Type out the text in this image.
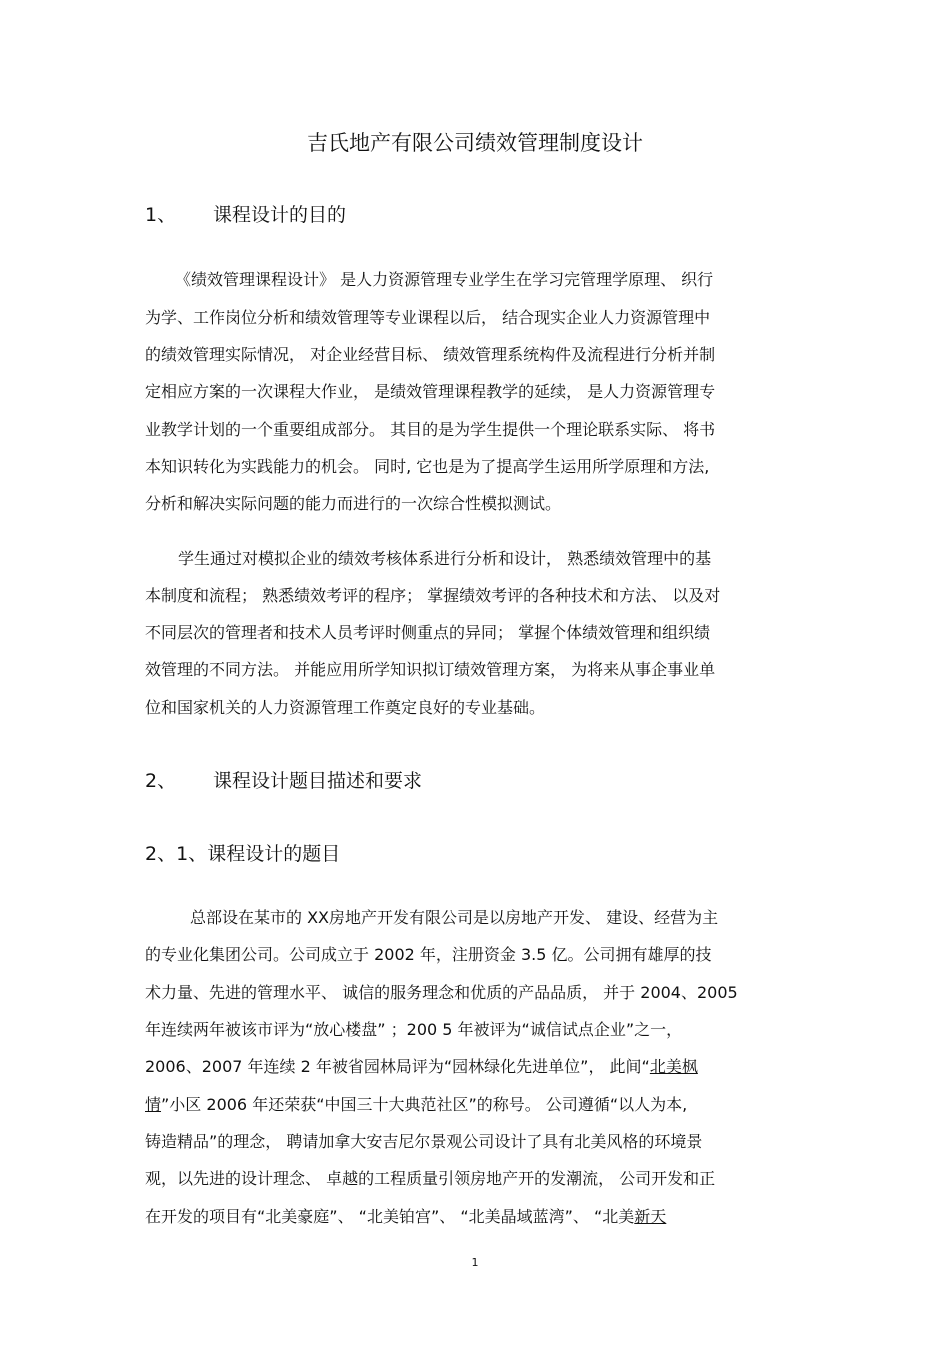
吉氏地产有限公司绩效管理制度设计
1、 课程设计的目的
《绩效管理课程设计》 是人力资源管理专业学生在学习完管理学原理、 织行
为学、工作岗位分析和绩效管理等专业课程以后， 结合现实企业人力资源管理中
的绩效管理实际情况， 对企业经营目标、 绩效管理系统构件及流程进行分析并制
定相应方案的一次课程大作业， 是绩效管理课程教学的延续， 是人力资源管理专
业教学计划的一个重要组成部分。 其目的是为学生提供一个理论联系实际、 将书
本知识转化为实践能力的机会。 同时, 它也是为了提高学生运用所学原理和方法,
分析和解决实际问题的能力而进行的一次综合性模拟测试。
学生通过对模拟企业的绩效考核体系进行分析和设计， 熟悉绩效管理中的基
本制度和流程； 熟悉绩效考评的程序； 掌握绩效考评的各种技术和方法、 以及对
不同层次的管理者和技术人员考评时侧重点的异同； 掌握个体绩效管理和组织绩
效管理的不同方法。 并能应用所学知识拟订绩效管理方案， 为将来从事企事业单
位和国家机关的人力资源管理工作奠定良好的专业基础。
2、 课程设计题目描述和要求
2、1、课程设计的题目
总部设在某市的 XX房地产开发有限公司是以房地产开发、 建设、经营为主
的专业化集团公司。公司成立于 2002 年，注册资金 3.5 亿。公司拥有雄厚的技
术力量、先进的管理水平、 诚信的服务理念和优质的产品品质， 并于 2004、2005
年连续两年被该市评为“放心楼盘” ；200 5 年被评为“诚信试点企业”之一，
2006、2007 年连续 2 年被省园林局评为“园林绿化先进单位”， 此间“北美枫
情”小区 2006 年还荣获“中国三十大典范社区”的称号。 公司遵循“以人为本,
铸造精品”的理念， 聘请加拿大安吉尼尔景观公司设计了具有北美风格的环境景
观，以先进的设计理念、 卓越的工程质量引领房地产开的发潮流， 公司开发和正
在开发的项目有“北美豪庭”、 “北美铂宫”、 “北美晶域蓝湾”、 “北美新天
1
